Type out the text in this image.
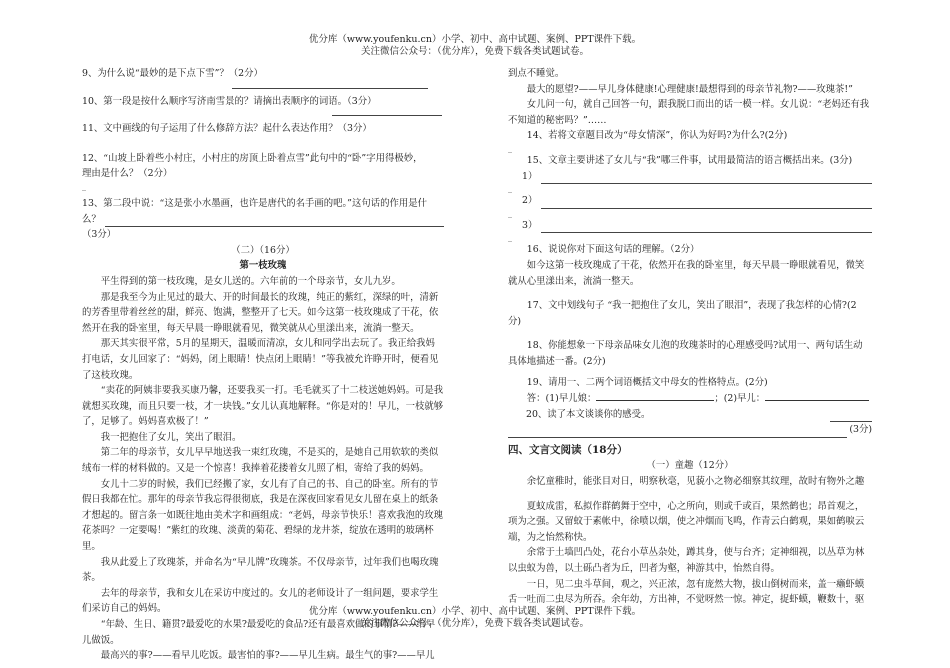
优分库（www.youfenku.cn）小学、初中、高中试题、案例、PPT课件下载。
关注微信公众号：（优分库），免费下载各类试题试卷。

9、为什么说“最妙的是下点下雪”？（2分）

10、第一段是按什么顺序写济南雪景的？请摘出表顺序的词语。（3分）

11、文中画线的句子运用了什么修辞方法？起什么表达作用？（3分）

12、“山坡上卧着些小村庄，小村庄的房顶上卧着点雪”此句中的“卧”字用得极妙，

理由是什么？（2分）

_

13、第二段中说：“这是张小水墨画，也许是唐代的名手画的吧。”这句话的作用是什

么？

（3分）

（二）（16分）

第一枝玫瑰

平生得到的第一枝玫瑰，是女儿送的。六年前的一个母亲节，女儿九岁。

那是我至今为止见过的最大、开的时间最长的玫瑰，纯正的紫红，深绿的叶，清新的芳香里带着丝丝的甜，鲜亮、饱满，整整开了七天。如今这第一枝玫瑰成了干花，依然开在我的卧室里，每天早晨一睁眼就看见，微笑就从心里漾出来，流淌一整天。

那天其实很平常，5月的星期天，温暖而清凉，女儿和同学出去玩了。我正给我妈打电话，女儿回家了：“妈妈，闭上眼睛！快点闭上眼睛！”等我被允许睁开时，便看见了这枝玫瑰。

“卖花的阿姨非要我买康乃馨，还要我买一打。毛毛就买了十二枝送她妈妈。可是我就想买玫瑰，而且只要一枝，才一块钱。”女儿认真地解释。“你是对的！早儿，一枝就够了，足够了。妈妈喜欢极了！”

我一把抱住了女儿，笑出了眼泪。

第二年的母亲节，女儿早早地送我一束红玫瑰，不是买的，是她自己用软软的类似绒布一样的材料做的。又是一个惊喜！我捧着花搂着女儿照了相，寄给了我的妈妈。

女儿十二岁的时候，我们已经搬了家，女儿有了自己的书、自己的卧室。所有的节假日我都在忙。那年的母亲节我忘得很彻底，我是在深夜回家看见女儿留在桌上的纸条才想起的。留言条一如既往地由美术字和画组成：“老妈，母亲节快乐！喜欢我泡的玫瑰花茶吗？一定要喝！”紫红的玫瑰、淡黄的菊花、碧绿的龙井茶，绽放在透明的玻璃杯里。

我从此爱上了玫瑰茶，并命名为“早儿牌”玫瑰茶。不仅母亲节，过年我们也喝玫瑰茶。

去年的母亲节，我和女儿在采访中度过的。女儿的老师设计了一组问题，要求学生们采访自己的妈妈。

“年龄、生日、籍贯?最爱吃的水果?最爱吃的食品?还有最喜欢做的事情?——给早儿做饭。

最高兴的事?——看早儿吃饭。最害怕的事?——早儿生病。最生气的事?——早儿

到点不睡觉。

最大的愿望?——早儿身体健康!心理健康!最想得到的母亲节礼物?——玫瑰茶!”

女儿问一句，就自己回答一句，跟我脱口而出的话一模一样。女儿说：“老妈还有我不知道的秘密吗？”……

14、若将文章题目改为“母女情深”，你认为好吗?为什么?(2分)

_

15、文章主要讲述了女儿与“我”哪三件事，试用最简洁的语言概括出来。(3分)

1）

_

2）

_

3）

_

16、说说你对下面这句话的理解。（2分）

如今这第一枝玫瑰成了干花，依然开在我的卧室里，每天早晨一睁眼就看见，微笑就从心里漾出来，流淌一整天。

17、文中划线句子 “我一把抱住了女儿，笑出了眼泪”，表现了我怎样的心情?(2

分)

18、你能想象一下母亲品味女儿泡的玫瑰茶时的心理感受吗?试用一、两句话生动

具体地描述一番。(2分)

19、请用一、二两个词语概括文中母女的性格特点。(2分)

答：(1)早儿娘：	；(2)早儿：

20、读了本文谈谈你的感受。
(3分)

四、文言文阅读（18分）

（一）童趣（12分）

余忆童稚时，能张目对日，明察秋毫，见藐小之物必细察其纹理，故时有物外之趣

夏蚊成雷，私拟作群鹤舞于空中，心之所向，则或千或百，果然鹤也；昂首观之，项为之强。又留蚊于素帐中，徐喷以烟，使之冲烟而飞鸣，作青云白鹤观，果如鹤唳云端，为之怡然称快。

余常于土墙凹凸处，花台小草丛杂处，蹲其身，使与台齐；定神细视，以丛草为林以虫蚁为兽，以土砾凸者为丘，凹者为壑，神游其中，怡然自得。

一日，见二虫斗草间，观之，兴正浓，忽有庞然大物，拔山倒树而来，盖一癞虾蟆舌一吐而二虫尽为所吞。余年幼，方出神，不觉呀然一惊。神定，捉虾蟆，鞭数十，驱

优分库（www.youfenku.cn）小学、初中、高中试题、案例、PPT课件下载。
关注微信公众号：（优分库），免费下载各类试题试卷。
